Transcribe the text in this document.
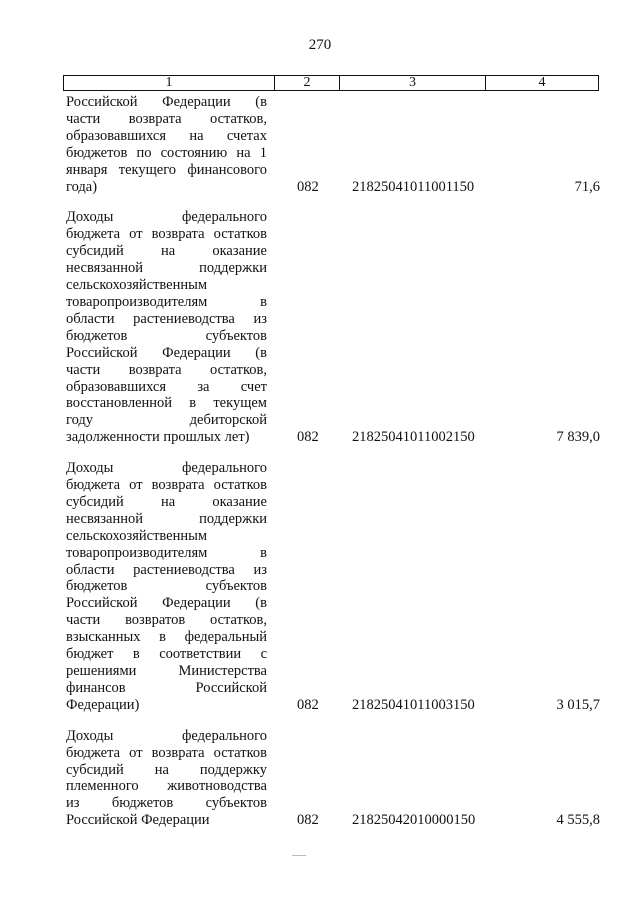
270
1	2	3	4
Российской Федерации (в
части возврата остатков,
образовавшихся на счетах
бюджетов по состоянию на 1
января текущего финансового
года)	082 21825041011001150	71,6
Доходы	федерального
бюджета от возврата остатков
субсидий	на	оказание
несвязанной	поддержки
сельскохозяйственным
товаропроизводителям	в
области растениеводства из
бюджетов	субъектов
Российской Федерации (в
части возврата остатков,
образовавшихся за счет
восстановленной в текущем
году	дебиторской
задолженности прошлых лет)	082 21825041011002150	7 839,0
Доходы	федерального
бюджета от возврата остатков
субсидий	на	оказание
несвязанной	поддержки
сельскохозяйственным
товаропроизводителям	в
области растениеводства из
бюджетов	субъектов
Российской Федерации (в
части возвратов остатков,
взысканных в федеральный
бюджет в соответствии с
решениями	Министерства
финансов	Российской
Федерации)	082 21825041011003150	3 015,7
Доходы	федерального
бюджета от возврата остатков
субсидий на поддержку
племенного животноводства
из бюджетов субъектов
Российской Федерации	082 21825042010000150	4 555,8
